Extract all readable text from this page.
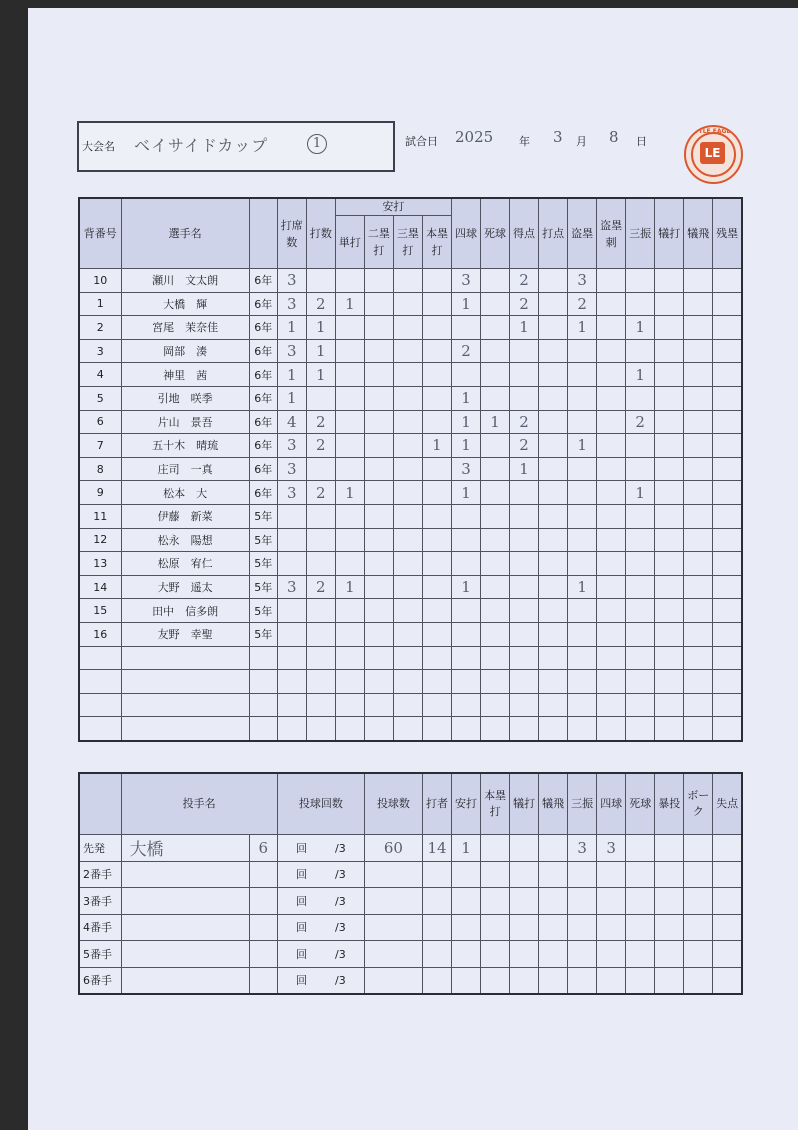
大会名 ベイサイドカップ	1	試合日 2025 年 3 月 8 日
LITTLE EAGLES
LE
背番号	選手名		打席数	打数	安打				四球	死球	得点	打点	盗塁	盗塁刺	三振	犠打	犠飛	残塁
					単打	二塁打	三塁打	本塁打										
10	瀬川　文太朗	6年	3						3		2		3					
1	大橋　輝	6年	3	2	1				1		2		2					
2	宮尾　茉奈佳	6年	1	1							1		1		1			
3	岡部　湊	6年	3	1					2									
4	神里　茜	6年	1	1											1			
5	引地　咲季	6年	1						1									
6	片山　景吾	6年	4	2					1	1	2				2			
7	五十木　晴琉	6年	3	2				1	1		2		1					
8	庄司　一真	6年	3						3		1							
9	松本　大	6年	3	2	1				1						1			
11	伊藤　新菜	5年																
12	松永　陽想	5年																
13	松原　宥仁	5年																
14	大野　遥太	5年	3	2	1				1				1					
15	田中　信多朗	5年																
16	友野　幸聖	5年																

	投手名		投球回数	投球数	打者	安打	本塁打	犠打	犠飛	三振	四球	死球	暴投	ボーク	失点
先発	大橋	6	回 /3	60	14	1				3	3				
2番手			回 /3												
3番手			回 /3												
4番手			回 /3												
5番手			回 /3												
6番手			回 /3												
